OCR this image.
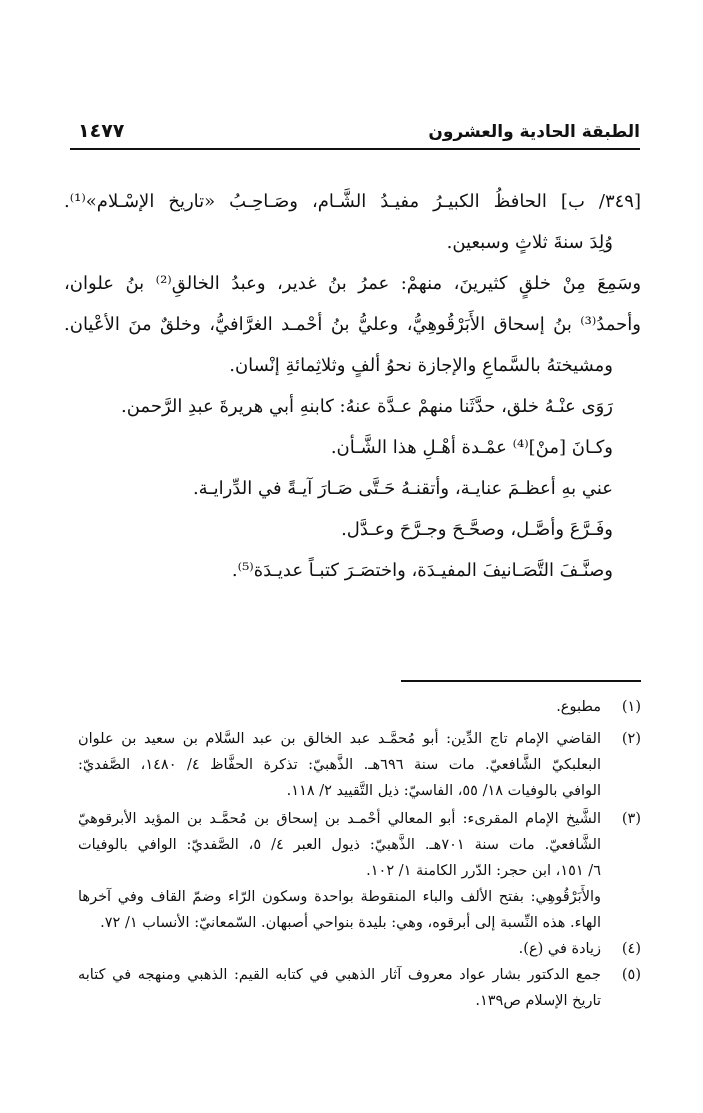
الطبقة الحادية والعشرون
١٤٧٧
[٣٤٩/ ب] الحافظُ الكبيـرُ مفيـدُ الشَّـام، وصَـاحِـبُ «تاريخ الإسْـلام»⁽¹⁾.
وُلِدَ سنةَ ثلاثٍ وسبعين.
وسَمِعَ مِنْ خلقٍ كثيرينَ، منهمْ: عمرُ بنُ غدير، وعبدُ الخالقِ⁽²⁾ بنُ علوان،
وأحمدُ⁽³⁾ بنُ إسحاق الأَبَرْقُوهِيُّ، وعليُّ بنُ أحْمـد الغرَّافيُّ، وخلقٌ منَ الأعْيان.
ومشيختهُ بالسَّماعِ والإجازة نحوُ ألفٍ وثلاثِمائةِ إنْسان.
رَوَى عنْـهُ خلق، حدَّثَنا منهمْ عـدَّة عنهُ: كابنهِ أبي هريرةَ عبدِ الرَّحمن.
وكـانَ [منْ]⁽⁴⁾ عمْـدة أهْـلِ هذا الشَّـأن.
عني بهِ أعظـمَ عنايـة، وأتقنـهُ حَـتَّى صَـارَ آيـةً في الدِّرايـة.
وفَـرَّعَ وأصَّـل، وصحَّـحَ وجـرَّحَ وعـدَّل.
وصنَّـفَ التَّصَـانيفَ المفيـدَة، واختصَـرَ كتبـاً عديـدَة⁽⁵⁾.
(١)
مطبوع.
(٢)
القاضي الإمام تاج الدِّين: أبو مُحمَّـد عبد الخالق بن عبد السَّلام بن سعيد بن علوان
البعلبكيّ الشَّافعيّ. مات سنة ٦٩٦هـ. الذَّهبيّ: تذكرة الحفَّاظ ٤/ ١٤٨٠، الصَّفديّ:
الوافي بالوفيات ١٨/ ٥٥، الفاسيّ: ذيل التَّقييد ٢/ ١١٨.
(٣)
الشَّيخ الإمام المقرىء: أبو المعالي أحْمـد بن إسحاق بن مُحمَّـد بن المؤيد الأبرقوهيّ
الشَّافعيّ. مات سنة ٧٠١هـ. الذَّهبيّ: ذيول العبر ٤/ ٥، الصَّفديّ: الوافي بالوفيات
٦/ ١٥١، ابن حجر: الدّرر الكامنة ١/ ١٠٢.
والأَبَرْقُوهِي: بفتح الألف والباء المنقوطة بواحدة وسكون الرّاء وضمّ القاف وفي آخرها
الهاء. هذه النِّسبة إلى أبرقوه، وهي: بليدة بنواحي أصبهان. السّمعانيّ: الأنساب ١/ ٧٢.
(٤)
زيادة في (ع).
(٥)
جمع الدكتور بشار عواد معروف آثار الذهبي في كتابه القيم: الذهبي ومنهجه في كتابه
تاريخ الإسلام ص١٣٩.
